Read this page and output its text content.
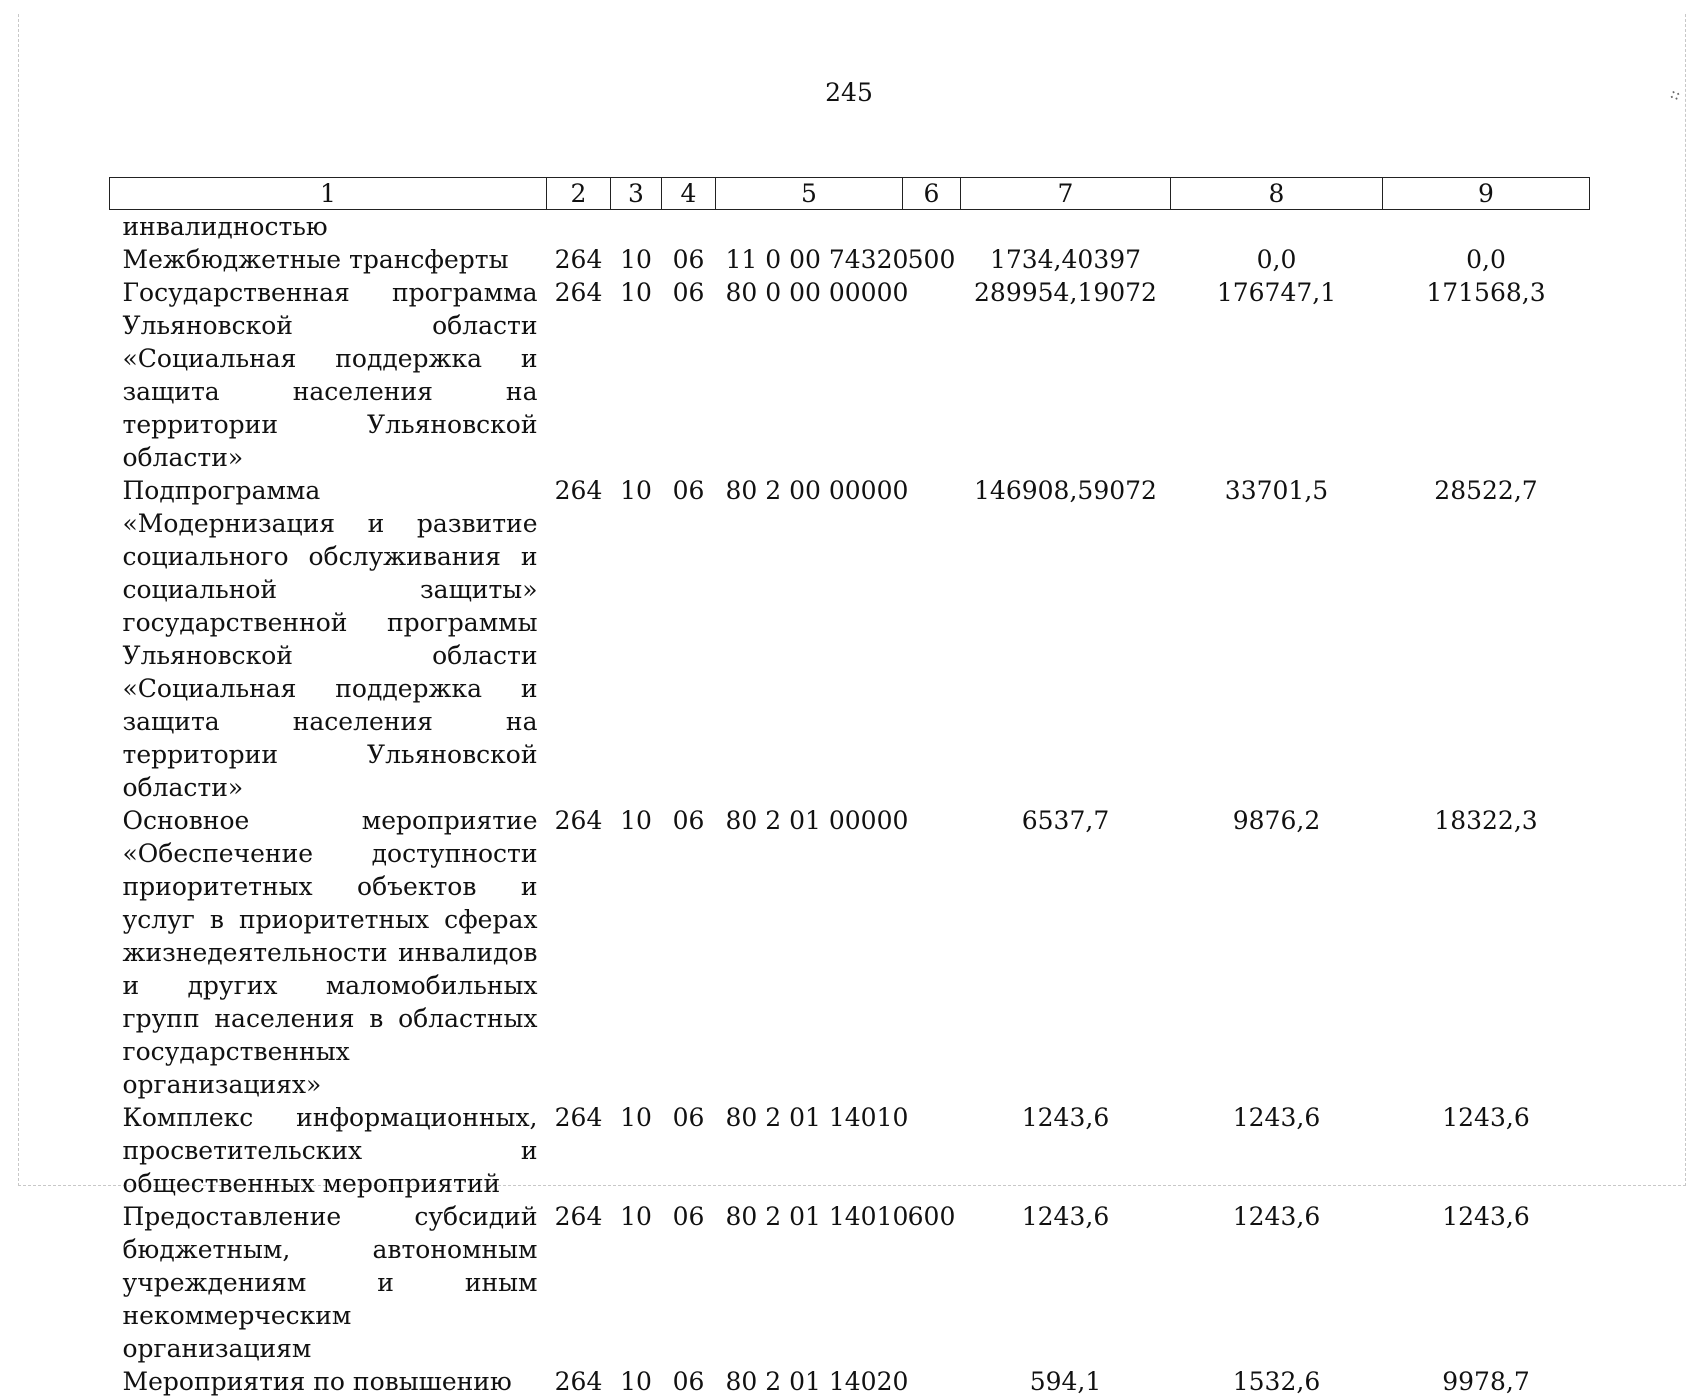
⁘
245
1	2	3	4	5	6	7	8	9
инвалидностью								
Межбюджетные трансферты	264	10	06	11 0 00 74320	500	1734,40397	0,0	0,0
Государственная программа Ульяновской области «Социальная поддержка и защита населения на территории Ульяновской области»	264	10	06	80 0 00 00000		289954,19072	176747,1	171568,3
Подпрограмма «Модернизация и развитие социального обслуживания и социальной защиты» государственной программы Ульяновской области «Социальная поддержка и защита населения на территории Ульяновской области»	264	10	06	80 2 00 00000		146908,59072	33701,5	28522,7
Основное мероприятие «Обеспечение доступности приоритетных объектов и услуг в приоритетных сферах жизнедеятельности инвалидов и других маломобильных групп населения в областных государственных организациях»	264	10	06	80 2 01 00000		6537,7	9876,2	18322,3
Комплекс информационных, просветительских и общественных мероприятий	264	10	06	80 2 01 14010		1243,6	1243,6	1243,6
Предоставление субсидий бюджетным, автономным учреждениям и иным некоммерческим организациям	264	10	06	80 2 01 14010	600	1243,6	1243,6	1243,6
Мероприятия по повышению	264	10	06	80 2 01 14020		594,1	1532,6	9978,7
